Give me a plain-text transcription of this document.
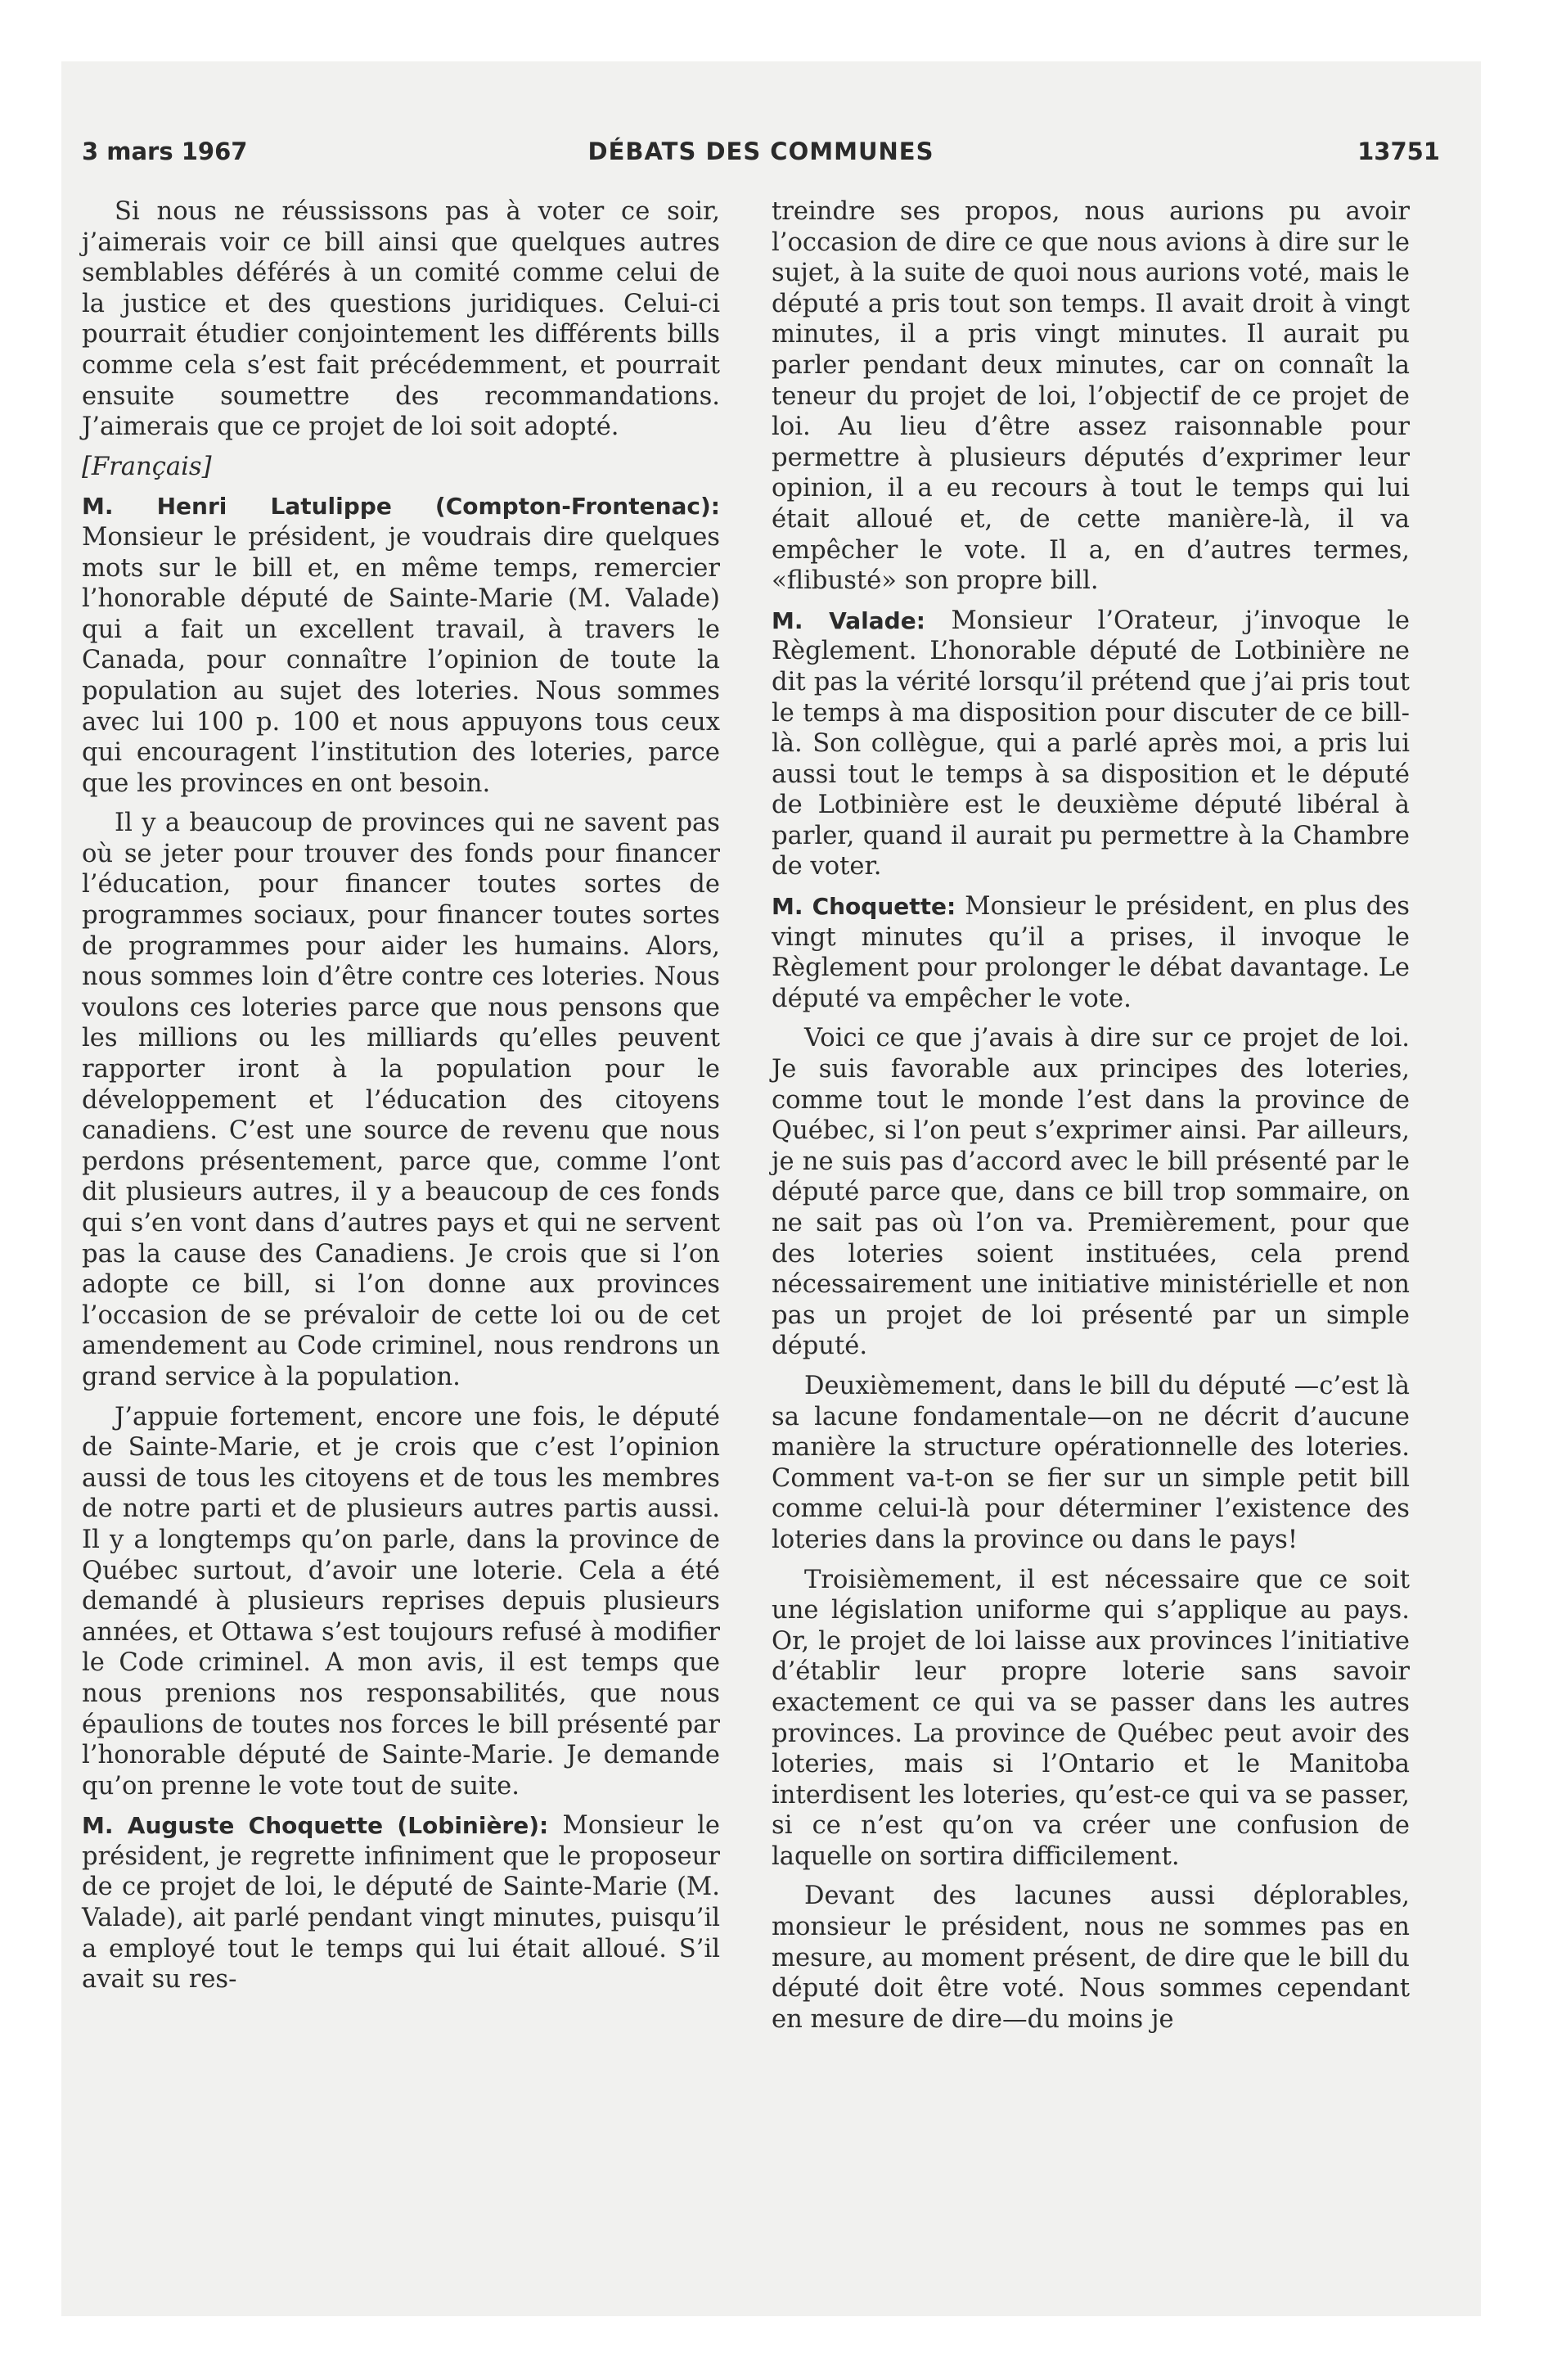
3 mars 1967	DÉBATS DES COMMUNES	13751

Si nous ne réussissons pas à voter ce soir, j’aimerais voir ce bill ainsi que quelques autres semblables déférés à un comité comme celui de la justice et des questions juridiques. Celui-ci pourrait étudier conjointement les différents bills comme cela s’est fait précédemment, et pourrait ensuite soumettre des recommandations. J’aimerais que ce projet de loi soit adopté.

[Français]

M. Henri Latulippe (Compton-Frontenac): Monsieur le président, je voudrais dire quelques mots sur le bill et, en même temps, remercier l’honorable député de Sainte-Marie (M. Valade) qui a fait un excellent travail, à travers le Canada, pour connaître l’opinion de toute la population au sujet des loteries. Nous sommes avec lui 100 p. 100 et nous appuyons tous ceux qui encouragent l’institution des loteries, parce que les provinces en ont besoin.

Il y a beaucoup de provinces qui ne savent pas où se jeter pour trouver des fonds pour financer l’éducation, pour financer toutes sortes de programmes sociaux, pour financer toutes sortes de programmes pour aider les humains. Alors, nous sommes loin d’être contre ces loteries. Nous voulons ces loteries parce que nous pensons que les millions ou les milliards qu’elles peuvent rapporter iront à la population pour le développement et l’éducation des citoyens canadiens. C’est une source de revenu que nous perdons présentement, parce que, comme l’ont dit plusieurs autres, il y a beaucoup de ces fonds qui s’en vont dans d’autres pays et qui ne servent pas la cause des Canadiens. Je crois que si l’on adopte ce bill, si l’on donne aux provinces l’occasion de se prévaloir de cette loi ou de cet amendement au Code criminel, nous rendrons un grand service à la population.

J’appuie fortement, encore une fois, le député de Sainte-Marie, et je crois que c’est l’opinion aussi de tous les citoyens et de tous les membres de notre parti et de plusieurs autres partis aussi. Il y a longtemps qu’on parle, dans la province de Québec surtout, d’avoir une loterie. Cela a été demandé à plusieurs reprises depuis plusieurs années, et Ottawa s’est toujours refusé à modifier le Code criminel. A mon avis, il est temps que nous prenions nos responsabilités, que nous épaulions de toutes nos forces le bill présenté par l’honorable député de Sainte-Marie. Je demande qu’on prenne le vote tout de suite.

M. Auguste Choquette (Lobinière): Monsieur le président, je regrette infiniment que le proposeur de ce projet de loi, le député de Sainte-Marie (M. Valade), ait parlé pendant vingt minutes, puisqu’il a employé tout le temps qui lui était alloué. S’il avait su res-

treindre ses propos, nous aurions pu avoir l’occasion de dire ce que nous avions à dire sur le sujet, à la suite de quoi nous aurions voté, mais le député a pris tout son temps. Il avait droit à vingt minutes, il a pris vingt minutes. Il aurait pu parler pendant deux minutes, car on connaît la teneur du projet de loi, l’objectif de ce projet de loi. Au lieu d’être assez raisonnable pour permettre à plusieurs députés d’exprimer leur opinion, il a eu recours à tout le temps qui lui était alloué et, de cette manière-là, il va empêcher le vote. Il a, en d’autres termes, «flibusté» son propre bill.

M. Valade: Monsieur l’Orateur, j’invoque le Règlement. L’honorable député de Lotbinière ne dit pas la vérité lorsqu’il prétend que j’ai pris tout le temps à ma disposition pour discuter de ce bill-là. Son collègue, qui a parlé après moi, a pris lui aussi tout le temps à sa disposition et le député de Lotbinière est le deuxième député libéral à parler, quand il aurait pu permettre à la Chambre de voter.

M. Choquette: Monsieur le président, en plus des vingt minutes qu’il a prises, il invoque le Règlement pour prolonger le débat davantage. Le député va empêcher le vote.

Voici ce que j’avais à dire sur ce projet de loi. Je suis favorable aux principes des loteries, comme tout le monde l’est dans la province de Québec, si l’on peut s’exprimer ainsi. Par ailleurs, je ne suis pas d’accord avec le bill présenté par le député parce que, dans ce bill trop sommaire, on ne sait pas où l’on va. Premièrement, pour que des loteries soient instituées, cela prend nécessairement une initiative ministérielle et non pas un projet de loi présenté par un simple député.

Deuxièmement, dans le bill du député —c’est là sa lacune fondamentale—on ne décrit d’aucune manière la structure opérationnelle des loteries. Comment va-t-on se fier sur un simple petit bill comme celui-là pour déterminer l’existence des loteries dans la province ou dans le pays!

Troisièmement, il est nécessaire que ce soit une législation uniforme qui s’applique au pays. Or, le projet de loi laisse aux provinces l’initiative d’établir leur propre loterie sans savoir exactement ce qui va se passer dans les autres provinces. La province de Québec peut avoir des loteries, mais si l’Ontario et le Manitoba interdisent les loteries, qu’est-ce qui va se passer, si ce n’est qu’on va créer une confusion de laquelle on sortira difficilement.

Devant des lacunes aussi déplorables, monsieur le président, nous ne sommes pas en mesure, au moment présent, de dire que le bill du député doit être voté. Nous sommes cependant en mesure de dire—du moins je
